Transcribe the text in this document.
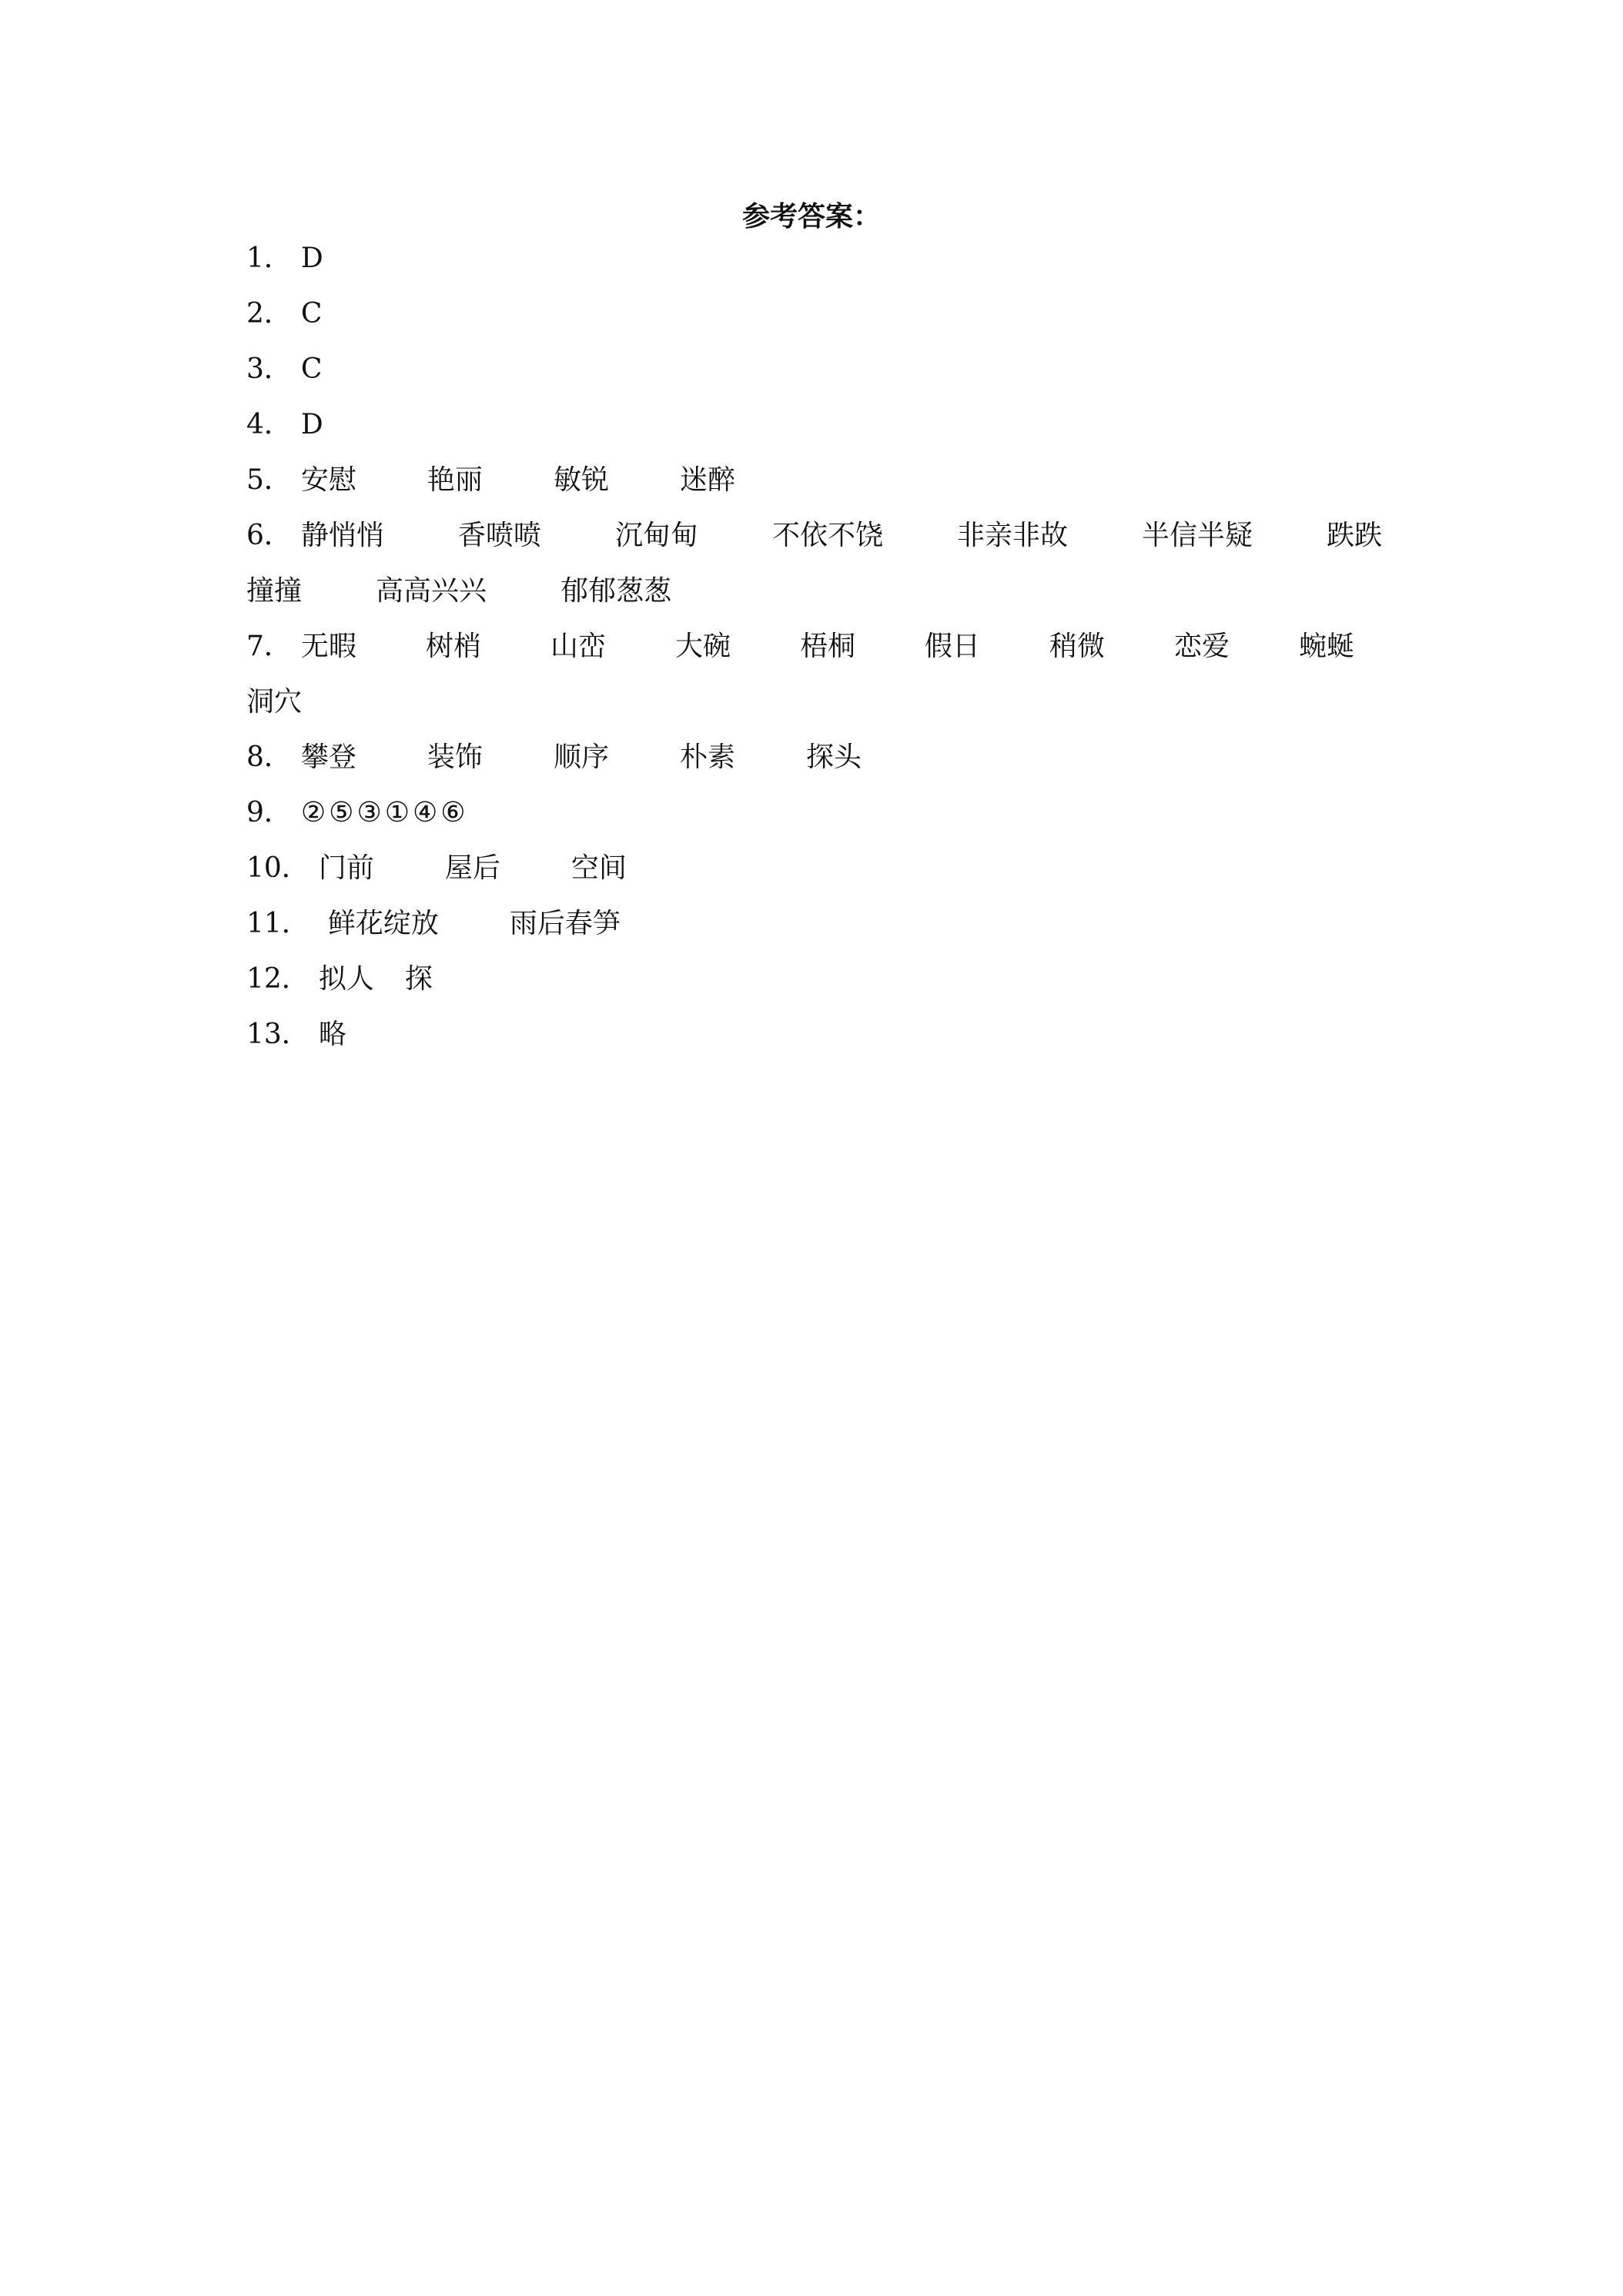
参考答案：
1． D
2． C
3． C
4． D
5． 安慰	艳丽	敏锐	迷醉
6． 静悄悄	香喷喷	沉甸甸	不依不饶	非亲非故	半信半疑	跌跌
撞撞	高高兴兴	郁郁葱葱
7． 无暇	树梢	山峦	大碗	梧桐	假日	稍微	恋爱	蜿蜒
洞穴
8． 攀登	装饰	顺序	朴素	探头
9． ②⑤③①④⑥
10． 门前	屋后	空间
11． 鲜花绽放	雨后春笋
12． 拟人 探
13． 略
